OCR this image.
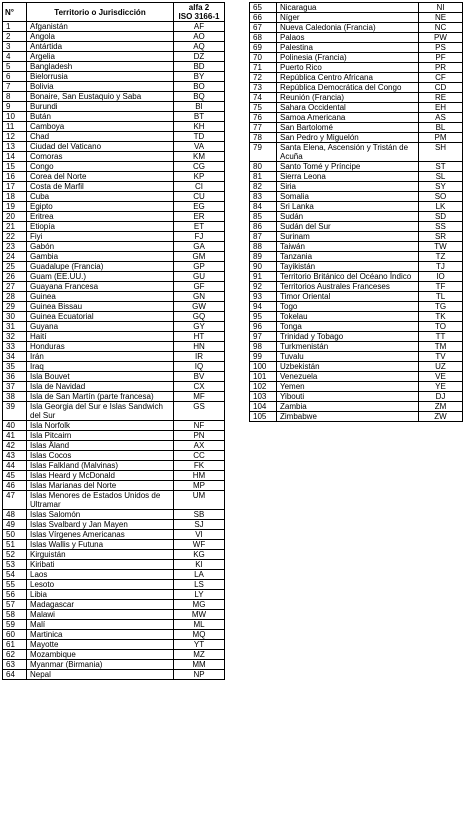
N°	Territorio o Jurisdicción	alfa 2
ISO 3166-1
1	Afganistán	AF
2	Angola	AO
3	Antártida	AQ
4	Argelia	DZ
5	Bangladesh	BD
6	Bielorrusia	BY
7	Bolivia	BO
8	Bonaire, San Eustaquio y Saba	BQ
9	Burundi	BI
10	Bután	BT
11	Camboya	KH
12	Chad	TD
13	Ciudad del Vaticano	VA
14	Comoras	KM
15	Congo	CG
16	Corea del Norte	KP
17	Costa de Marfil	CI
18	Cuba	CU
19	Egipto	EG
20	Eritrea	ER
21	Etiopía	ET
22	Fiyi	FJ
23	Gabón	GA
24	Gambia	GM
25	Guadalupe (Francia)	GP
26	Guam (EE.UU.)	GU
27	Guayana Francesa	GF
28	Guinea	GN
29	Guinea Bissau	GW
30	Guinea Ecuatorial	GQ
31	Guyana	GY
32	Haití	HT
33	Honduras	HN
34	Irán	IR
35	Iraq	IQ
36	Isla Bouvet	BV
37	Isla de Navidad	CX
38	Isla de San Martín (parte francesa)	MF
39	Isla Georgia del Sur e Islas Sandwich del Sur	GS
40	Isla Norfolk	NF
41	Isla Pitcairn	PN
42	Islas Åland	AX
43	Islas Cocos	CC
44	Islas Falkland (Malvinas)	FK
45	Islas Heard y McDonald	HM
46	Islas Marianas del Norte	MP
47	Islas Menores de Estados Unidos de Ultramar	UM
48	Islas Salomón	SB
49	Islas Svalbard y Jan Mayen	SJ
50	Islas Vírgenes Americanas	VI
51	Islas Wallis y Futuna	WF
52	Kirguistán	KG
53	Kiribati	KI
54	Laos	LA
55	Lesoto	LS
56	Libia	LY
57	Madagascar	MG
58	Malawi	MW
59	Malí	ML
60	Martinica	MQ
61	Mayotte	YT
62	Mozambique	MZ
63	Myanmar (Birmania)	MM
64	Nepal	NP
65	Nicaragua	NI
66	Níger	NE
67	Nueva Caledonia (Francia)	NC
68	Palaos	PW
69	Palestina	PS
70	Polinesia (Francia)	PF
71	Puerto Rico	PR
72	República Centro Africana	CF
73	República Democrática del Congo	CD
74	Reunión (Francia)	RE
75	Sahara Occidental	EH
76	Samoa Americana	AS
77	San Bartolomé	BL
78	San Pedro y Miguelón	PM
79	Santa Elena, Ascensión y Tristán de Acuña	SH
80	Santo Tomé y Príncipe	ST
81	Sierra Leona	SL
82	Siria	SY
83	Somalia	SO
84	Sri Lanka	LK
85	Sudán	SD
86	Sudán del Sur	SS
87	Surinam	SR
88	Taiwán	TW
89	Tanzania	TZ
90	Tayikistán	TJ
91	Territorio Británico del Océano Índico	IO
92	Territorios Australes Franceses	TF
93	Timor Oriental	TL
94	Togo	TG
95	Tokelau	TK
96	Tonga	TO
97	Trinidad y Tobago	TT
98	Turkmenistán	TM
99	Tuvalu	TV
100	Uzbekistán	UZ
101	Venezuela	VE
102	Yemen	YE
103	Yibouti	DJ
104	Zambia	ZM
105	Zimbabwe	ZW
